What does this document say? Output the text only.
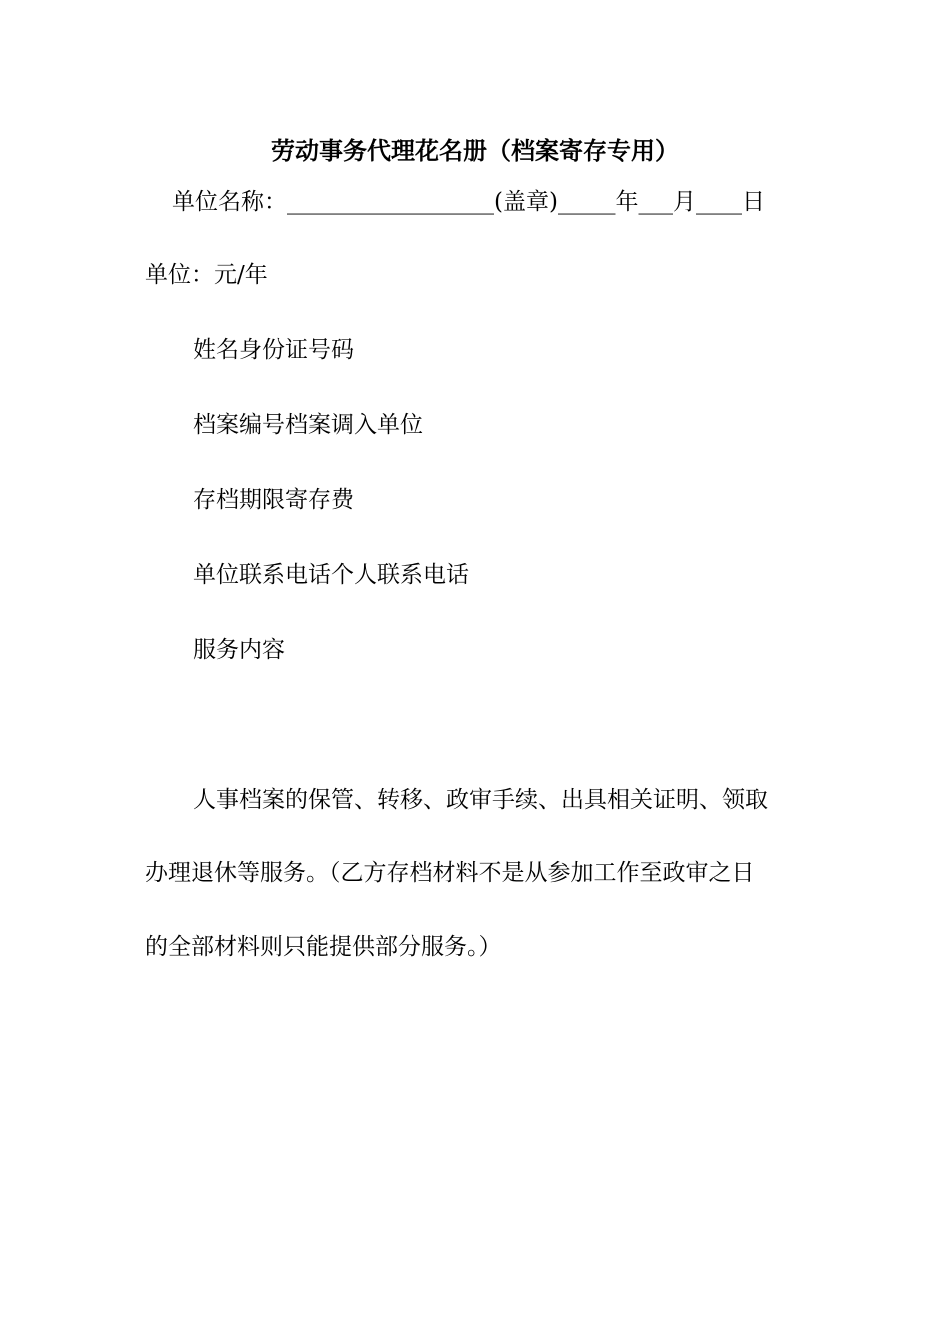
劳动事务代理花名册（档案寄存专用）
单位名称：__________________(盖章)_____年___月____日
单位：元/年
姓名身份证号码
档案编号档案调入单位
存档期限寄存费
单位联系电话个人联系电话
服务内容
人事档案的保管、转移、政审手续、出具相关证明、领取
办理退休等服务。（乙方存档材料不是从参加工作至政审之日
的全部材料则只能提供部分服务。）
